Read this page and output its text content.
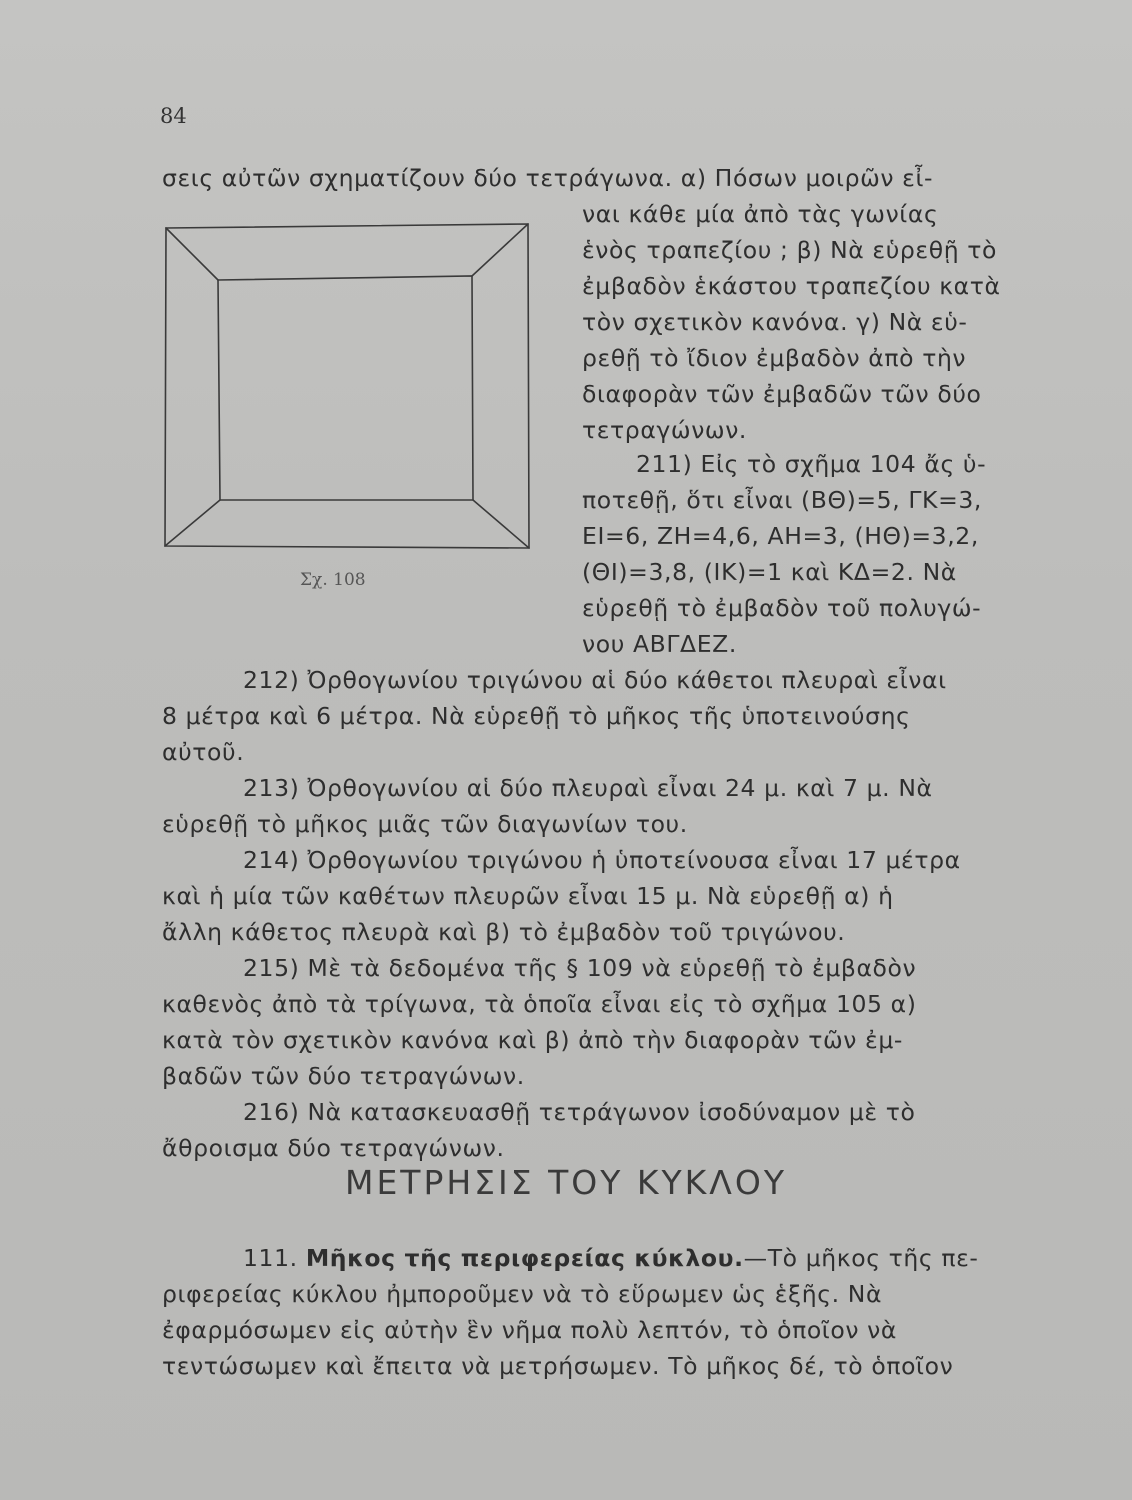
84
Σχ. 108
σεις αὐτῶν σχηματίζουν δύο τετράγωνα. α) Πόσων μοιρῶν εἶ-
ναι κάθε μία ἀπὸ τὰς γωνίας
ἑνὸς τραπεζίου ; β) Νὰ εὑρεθῇ τὸ
ἐμβαδὸν ἑκάστου τραπεζίου κατὰ
τὸν σχετικὸν κανόνα. γ) Νὰ εὑ-
ρεθῇ τὸ ἴδιον ἐμβαδὸν ἀπὸ τὴν
διαφορὰν τῶν ἐμβαδῶν τῶν δύο
τετραγώνων.
211) Εἰς τὸ σχῆμα 104 ἄς ὑ-
ποτεθῇ, ὅτι εἶναι (ΒΘ)=5, ΓΚ=3,
ΕΙ=6, ΖΗ=4,6, ΑΗ=3, (ΗΘ)=3,2,
(ΘΙ)=3,8, (ΙΚ)=1 καὶ ΚΔ=2. Νὰ
εὑρεθῇ τὸ ἐμβαδὸν τοῦ πολυγώ-
νου ΑΒΓΔΕΖ.
212) Ὀρθογωνίου τριγώνου αἱ δύο κάθετοι πλευραὶ εἶναι
8 μέτρα καὶ 6 μέτρα. Νὰ εὑρεθῇ τὸ μῆκος τῆς ὑποτεινούσης
αὐτοῦ.
213) Ὀρθογωνίου αἱ δύο πλευραὶ εἶναι 24 μ. καὶ 7 μ. Νὰ
εὑρεθῇ τὸ μῆκος μιᾶς τῶν διαγωνίων του.
214) Ὀρθογωνίου τριγώνου ἡ ὑποτείνουσα εἶναι 17 μέτρα
καὶ ἡ μία τῶν καθέτων πλευρῶν εἶναι 15 μ. Νὰ εὑρεθῇ α) ἡ
ἄλλη κάθετος πλευρὰ καὶ β) τὸ ἐμβαδὸν τοῦ τριγώνου.
215) Μὲ τὰ δεδομένα τῆς § 109 νὰ εὑρεθῇ τὸ ἐμβαδὸν
καθενὸς ἀπὸ τὰ τρίγωνα, τὰ ὁποῖα εἶναι εἰς τὸ σχῆμα 105 α)
κατὰ τὸν σχετικὸν κανόνα καὶ β) ἀπὸ τὴν διαφορὰν τῶν ἐμ-
βαδῶν τῶν δύο τετραγώνων.
216) Νὰ κατασκευασθῇ τετράγωνον ἰσοδύναμον μὲ τὸ
ἄθροισμα δύο τετραγώνων.
ΜΕΤΡΗΣΙΣ ΤΟΥ ΚΥΚΛΟΥ
111. Μῆκος τῆς περιφερείας κύκλου.—Τὸ μῆκος τῆς πε-
ριφερείας κύκλου ἠμποροῦμεν νὰ τὸ εὕρωμεν ὡς ἑξῆς. Νὰ
ἐφαρμόσωμεν εἰς αὐτὴν ἓν νῆμα πολὺ λεπτόν, τὸ ὁποῖον νὰ
τεντώσωμεν καὶ ἔπειτα νὰ μετρήσωμεν. Τὸ μῆκος δέ, τὸ ὁποῖον
